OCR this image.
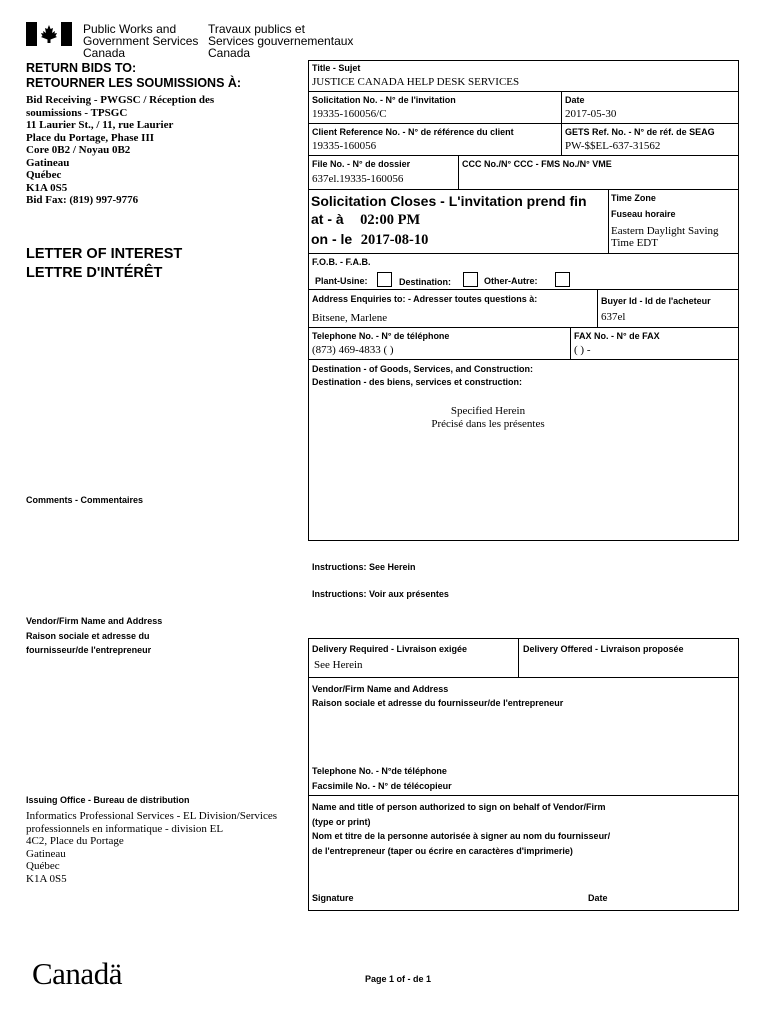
Public Works and
Government Services
Canada
Travaux publics et
Services gouvernementaux
Canada
RETURN BIDS TO:
RETOURNER LES SOUMISSIONS À:
Bid Receiving - PWGSC / Réception des
soumissions - TPSGC
11 Laurier St., / 11, rue Laurier
Place du Portage, Phase III
Core 0B2 / Noyau 0B2
Gatineau
Québec
K1A 0S5
Bid Fax: (819) 997-9776
LETTER OF INTEREST
LETTRE D'INTÉRÊT
Comments - Commentaires
Vendor/Firm Name and Address
Raison sociale et adresse du
fournisseur/de l'entrepreneur
Issuing Office - Bureau de distribution
Informatics Professional Services - EL Division/Services
professionnels en informatique - division EL
4C2, Place du Portage
Gatineau
Québec
K1A 0S5
Title - Sujet
JUSTICE CANADA HELP DESK SERVICES
Solicitation No. - N° de l'invitation
19335-160056/C
Date
2017-05-30
Client Reference No. - N° de référence du client
19335-160056
GETS Ref. No. - N° de réf. de SEAG
PW-$$EL-637-31562
File No. - N° de dossier
637el.19335-160056
CCC No./N° CCC - FMS No./N° VME
Solicitation Closes - L'invitation prend fin
at - à 02:00 PM
on - le 2017-08-10
Time Zone
Fuseau horaire
Eastern Daylight Saving
Time EDT
F.O.B. - F.A.B.
Plant-Usine:	Destination:	Other-Autre:
Address Enquiries to: - Adresser toutes questions à:
Bitsene, Marlene
Buyer Id - Id de l'acheteur
637el
Telephone No. - N° de téléphone
(873) 469-4833 ( )
FAX No. - N° de FAX
( ) -
Destination - of Goods, Services, and Construction:
Destination - des biens, services et construction:
Specified Herein
Précisé dans les présentes
Instructions: See Herein
Instructions: Voir aux présentes
Delivery Required - Livraison exigée
See Herein
Delivery Offered - Livraison proposée
Vendor/Firm Name and Address
Raison sociale et adresse du fournisseur/de l'entrepreneur
Telephone No. - N°de téléphone
Facsimile No. - N° de télécopieur
Name and title of person authorized to sign on behalf of Vendor/Firm
(type or print)
Nom et titre de la personne autorisée à signer au nom du fournisseur/
de l'entrepreneur (taper ou écrire en caractères d'imprimerie)
Signature	Date
Canadä	Page 1 of - de 1
